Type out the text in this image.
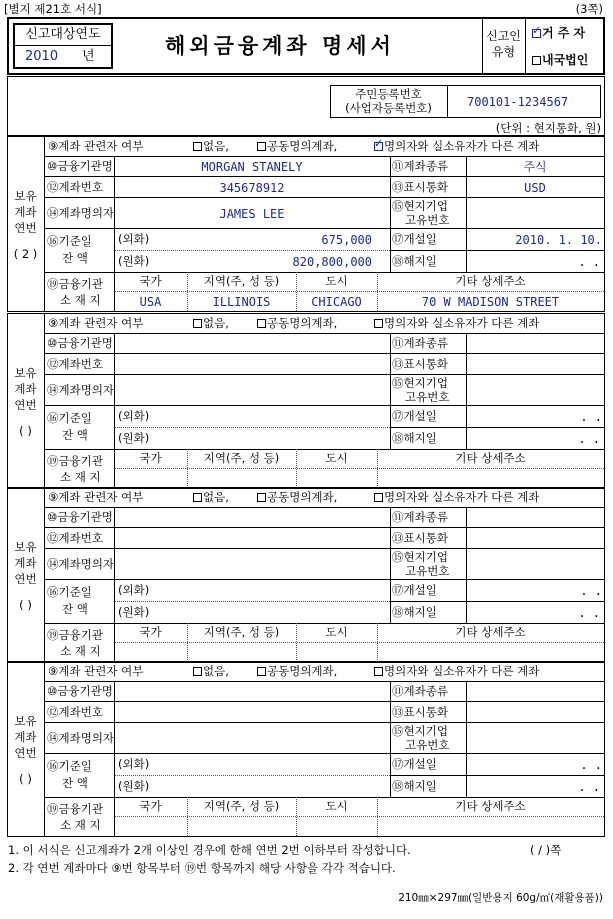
[별지 제21호 서식]	(3쪽)
신고대상연도
2010 년	해외금융계좌 명세서	신고인유형
✓거 주 자
내국법인
주민등록번호
(사업자등록번호)	700101-1234567
(단위 : 현지통화, 원)
보유
계좌
연번
( 2 )
⑨계좌 관련자 여부	없음,	공동명의계좌,
✓	명의자와 실소유자가 다른 계좌
⑩금융기관명
⑫계좌번호
⑭계좌명의자
⑯기준일
잔 액
⑲금융기관
소 재 지
(외화)
(원화)
⑪계좌종류
⑬표시통화
⑮현지기업
고유번호
⑰개설일
⑱해지일
국가	지역(주, 성 등)	도시	기타 상세주소
MORGAN STANELY	주식
345678912	USD
JAMES LEE
675,000
820,800,000
2010. 1. 10.
. .
USA	ILLINOIS	CHICAGO	70 W MADISON STREET
보유
계좌
연번
( )
⑨계좌 관련자 여부	없음,	공동명의계좌,	명의자와 실소유자가 다른 계좌
⑩금융기관명
⑫계좌번호
⑭계좌명의자
⑯기준일
잔 액
⑲금융기관
소 재 지
(외화)
(원화)
⑪계좌종류
⑬표시통화
⑮현지기업
고유번호
⑰개설일
⑱해지일
국가	지역(주, 성 등)	도시	기타 상세주소
. .
. .
보유
계좌
연번
( )
⑨계좌 관련자 여부	없음,	공동명의계좌,	명의자와 실소유자가 다른 계좌
⑩금융기관명
⑫계좌번호
⑭계좌명의자
⑯기준일
잔 액
⑲금융기관
소 재 지
(외화)
(원화)
⑪계좌종류
⑬표시통화
⑮현지기업
고유번호
⑰개설일
⑱해지일
국가	지역(주, 성 등)	도시	기타 상세주소
. .
. .
보유
계좌
연번
( )
⑨계좌 관련자 여부	없음,	공동명의계좌,	명의자와 실소유자가 다른 계좌
⑩금융기관명
⑫계좌번호
⑭계좌명의자
⑯기준일
잔 액
⑲금융기관
소 재 지
(외화)
(원화)
⑪계좌종류
⑬표시통화
⑮현지기업
고유번호
⑰개설일
⑱해지일
국가	지역(주, 성 등)	도시	기타 상세주소
. .
. .
1. 이 서식은 신고계좌가 2개 이상인 경우에 한해 연번 2번 이하부터 작성합니다.	( / )쪽
2. 각 연번 계좌마다 ⑨번 항목부터 ⑲번 항목까지 해당 사항을 각각 적습니다.
210㎜×297㎜(일반용지 60g/㎡(재활용품))
